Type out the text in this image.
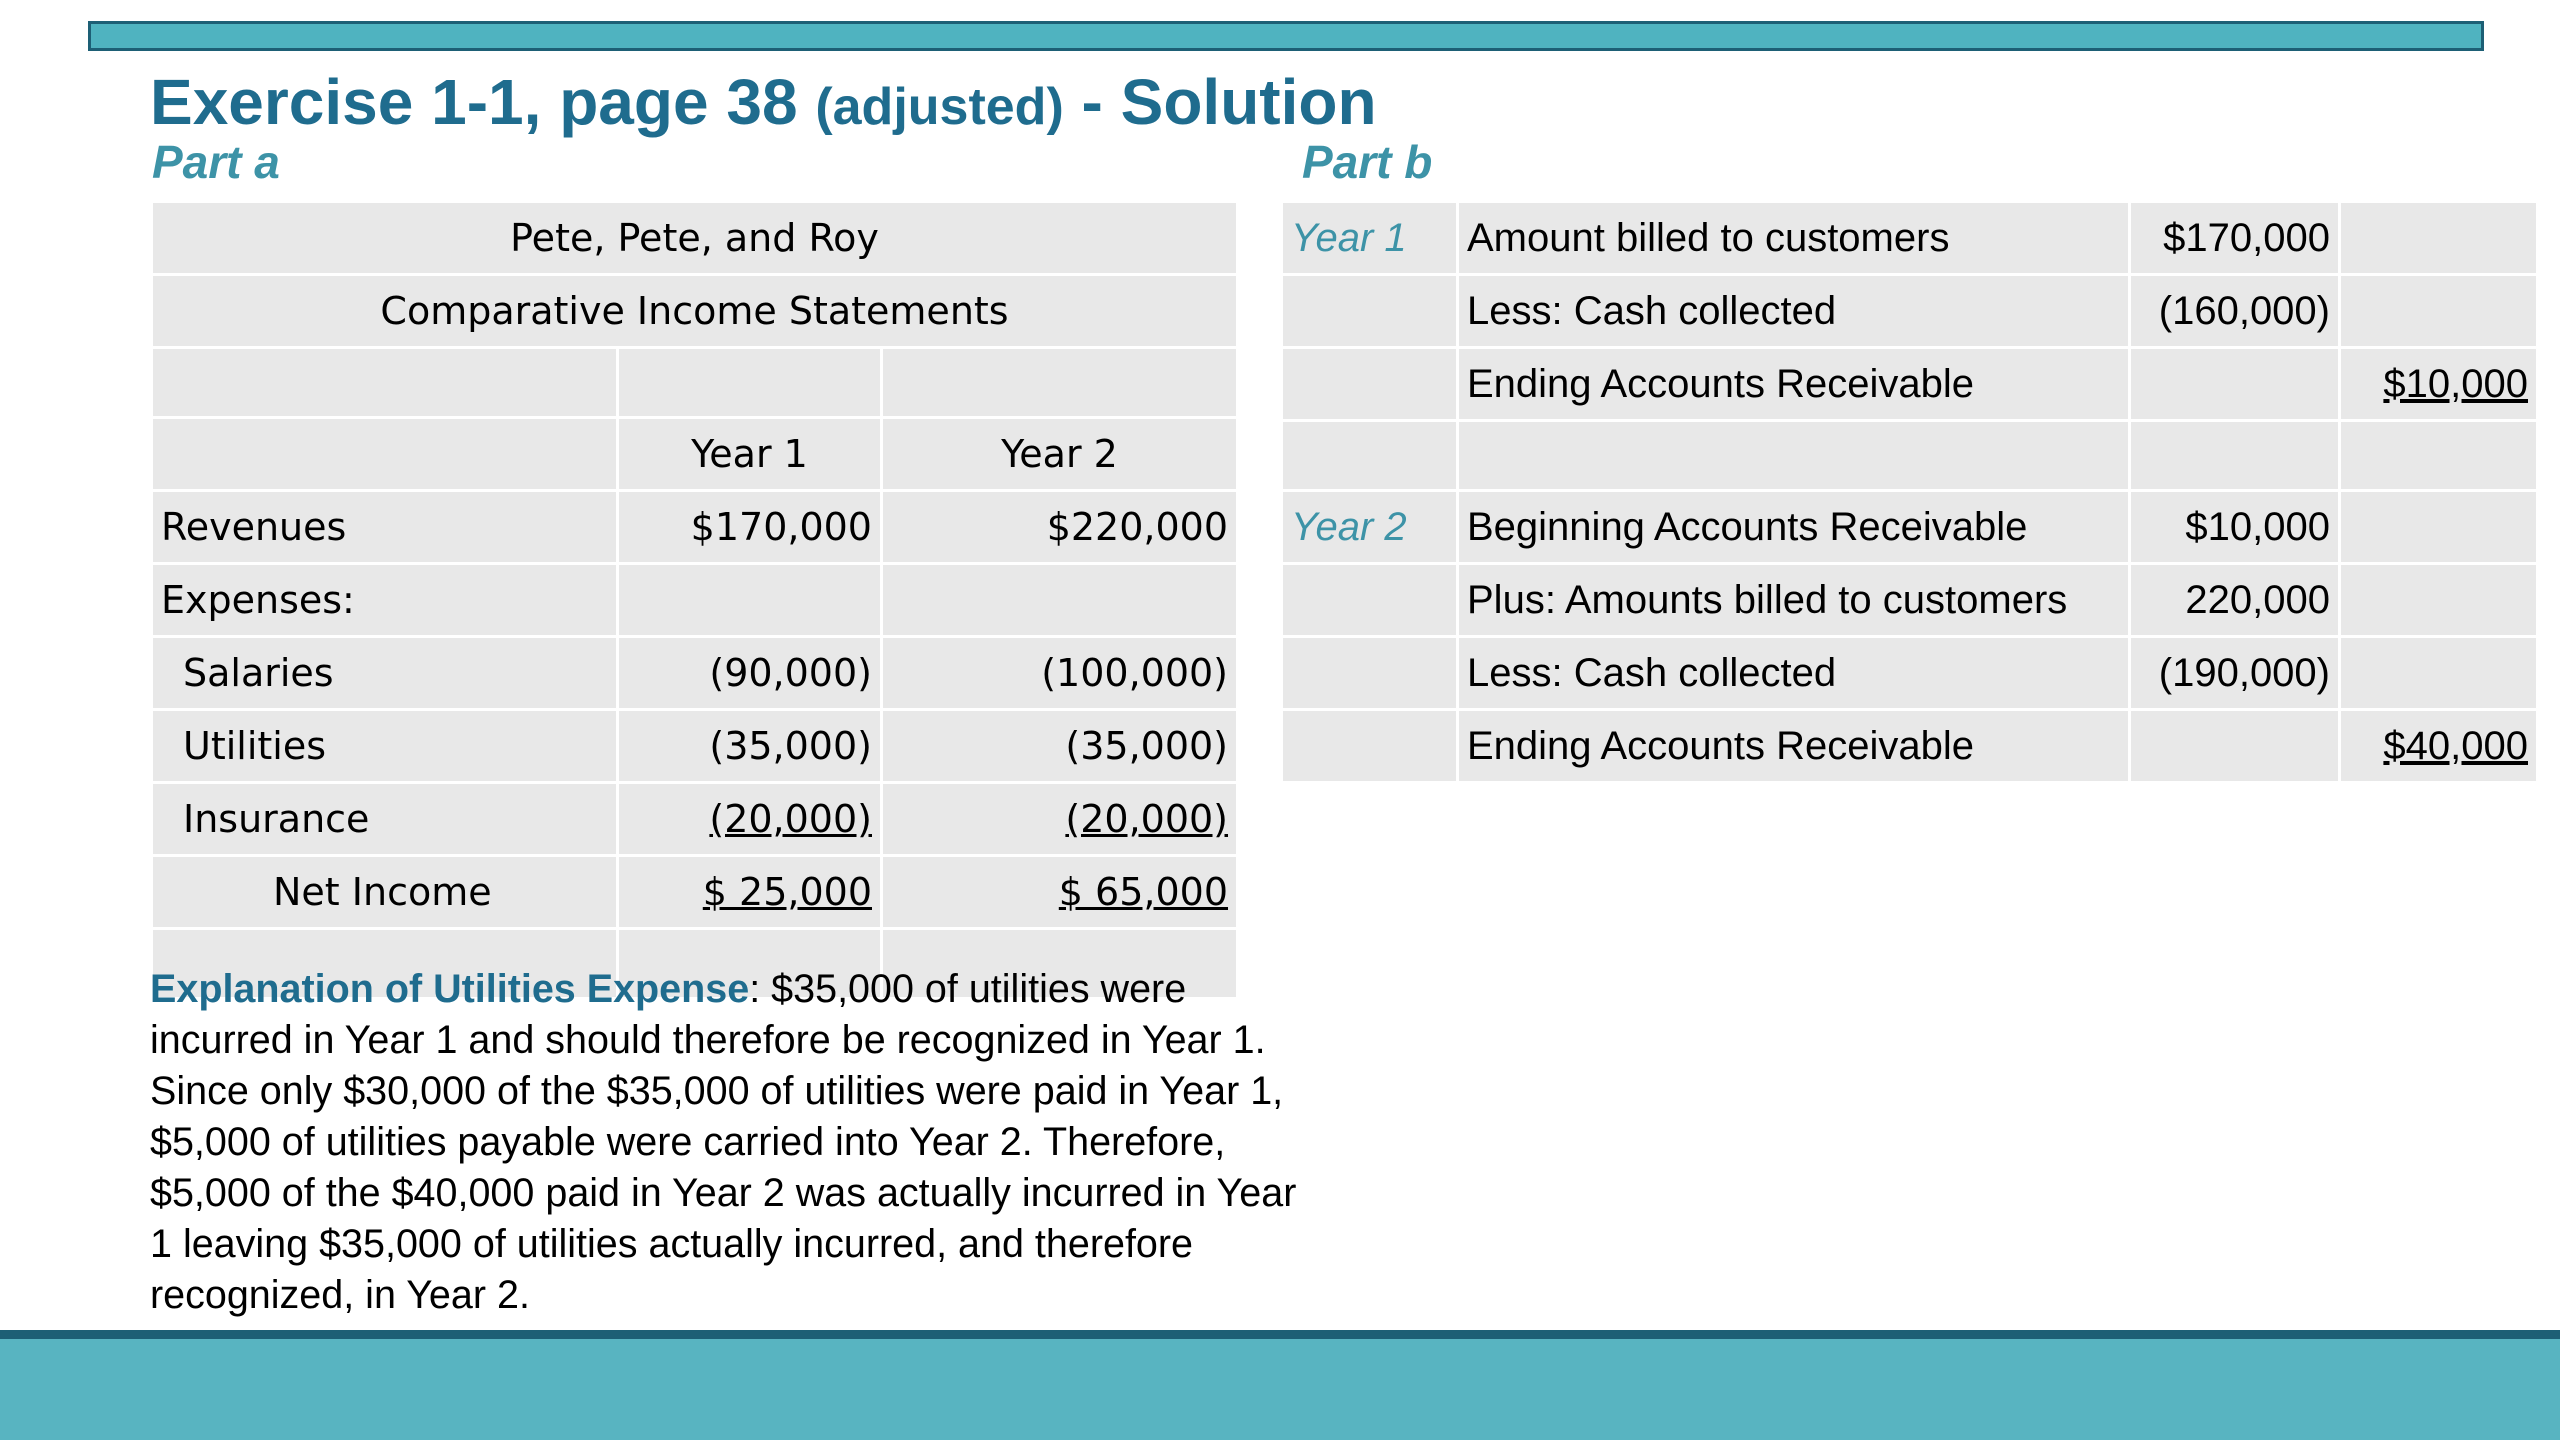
Exercise 1-1, page 38 (adjusted) - Solution
Part a	Part b
Pete, Pete, and Roy		
Comparative Income Statements		

	Year 1	Year 2
Revenues	$170,000	$220,000
Expenses:		
Salaries	(90,000)	(100,000)
Utilities	(35,000)	(35,000)
Insurance	(20,000)	(20,000)
Net Income	$ 25,000	$ 65,000

Year 1	Amount billed to customers	$170,000	
	Less: Cash collected	(160,000)	
	Ending Accounts Receivable		$10,000

Year 2	Beginning Accounts Receivable	$10,000	
	Plus: Amounts billed to customers	220,000	
	Less: Cash collected	(190,000)	
	Ending Accounts Receivable		$40,000

Explanation of Utilities Expense: $35,000 of utilities were incurred in Year 1 and should therefore be recognized in Year 1. Since only $30,000 of the $35,000 of utilities were paid in Year 1, $5,000 of utilities payable were carried into Year 2. Therefore, $5,000 of the $40,000 paid in Year 2 was actually incurred in Year 1 leaving $35,000 of utilities actually incurred, and therefore recognized, in Year 2.
